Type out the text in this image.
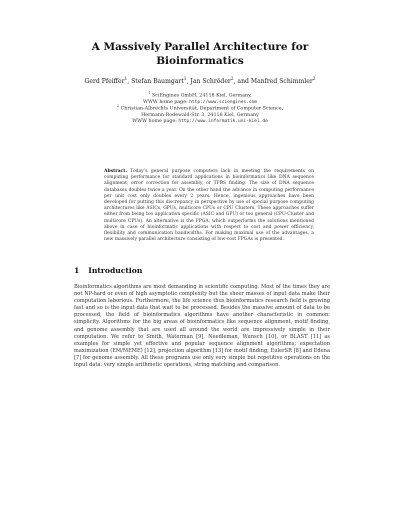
A Massively Parallel Architecture for
Bioinformatics
Gerd Pfeiffer$^1$, Stefan Baumgart$^1$, Jan Schröder$^2$, and Manfred Schimmler$^2$
$^1$ SciEngines GmbH, 24118 Kiel, Germany,
WWW home page: http://www.sciengines.com
$^2$ Christian-Albrechts Universität, Department of Computer Science,
Hermann-Rodewald-Str. 3, 24118 Kiel, Germany
WWW home page: http://www.informatik.uni-kiel.de
Abstract. Today’s general purpose computers lack in meeting the requirements on computing performance for standard applications in bioinformatics like DNA sequence alignment, error correction for assembly, or TFBS finding. The size of DNA sequence databases doubles twice a year. On the other hand the advance in computing performance per unit cost only doubles every 2 years. Hence, ingenious approaches have been developed for putting this discrepancy in perspective by use of special purpose computing architectures like ASICs, GPUs, multicore CPUs or CPU Clusters. These approaches suffer either from being too application specific (ASIC and GPU) or too general (CPU-Cluster and multicore CPUs). An alternative is the FPGA, which outperforms the solutions mentioned above in case of bioinformatic applications with respect to cost and power efficiency, flexibility and communication bandwidths. For making maximal use of the advantages, a new massively parallel architecture consisting of low-cost FPGAs is presented.
1 Introduction
Bioinformatics algorithms are most demanding in scientific computing. Most of the times they are not NP-hard or even of high asymptotic complexity but the sheer masses of input data make their computation laborious. Furthermore, the life science thus bioinformatics research field is growing fast and so is the input data that wait to be processed. Besides the massive amount of data to be processed, the field of bioinformatics algorithms have another characteristic in common: simplicity. Algorithms for the big areas of bioinformatics like sequence alignment, motif finding, and genome assembly that are used all around the world are impressively simple in their computation. We refer to Smith, Waterman [9], Needleman, Wunsch [10], or BLAST [11] as examples for simple yet effective and popular sequence alignment algorithms; expectation maximization (EM/MEME) [12], projection algorithm [13] for motif finding; EulerSR [8] and Edena [7] for genome assembly. All these programs use only very simple but repetitive operations on the input data: very simple arithmetic operations, string matching and comparison.
